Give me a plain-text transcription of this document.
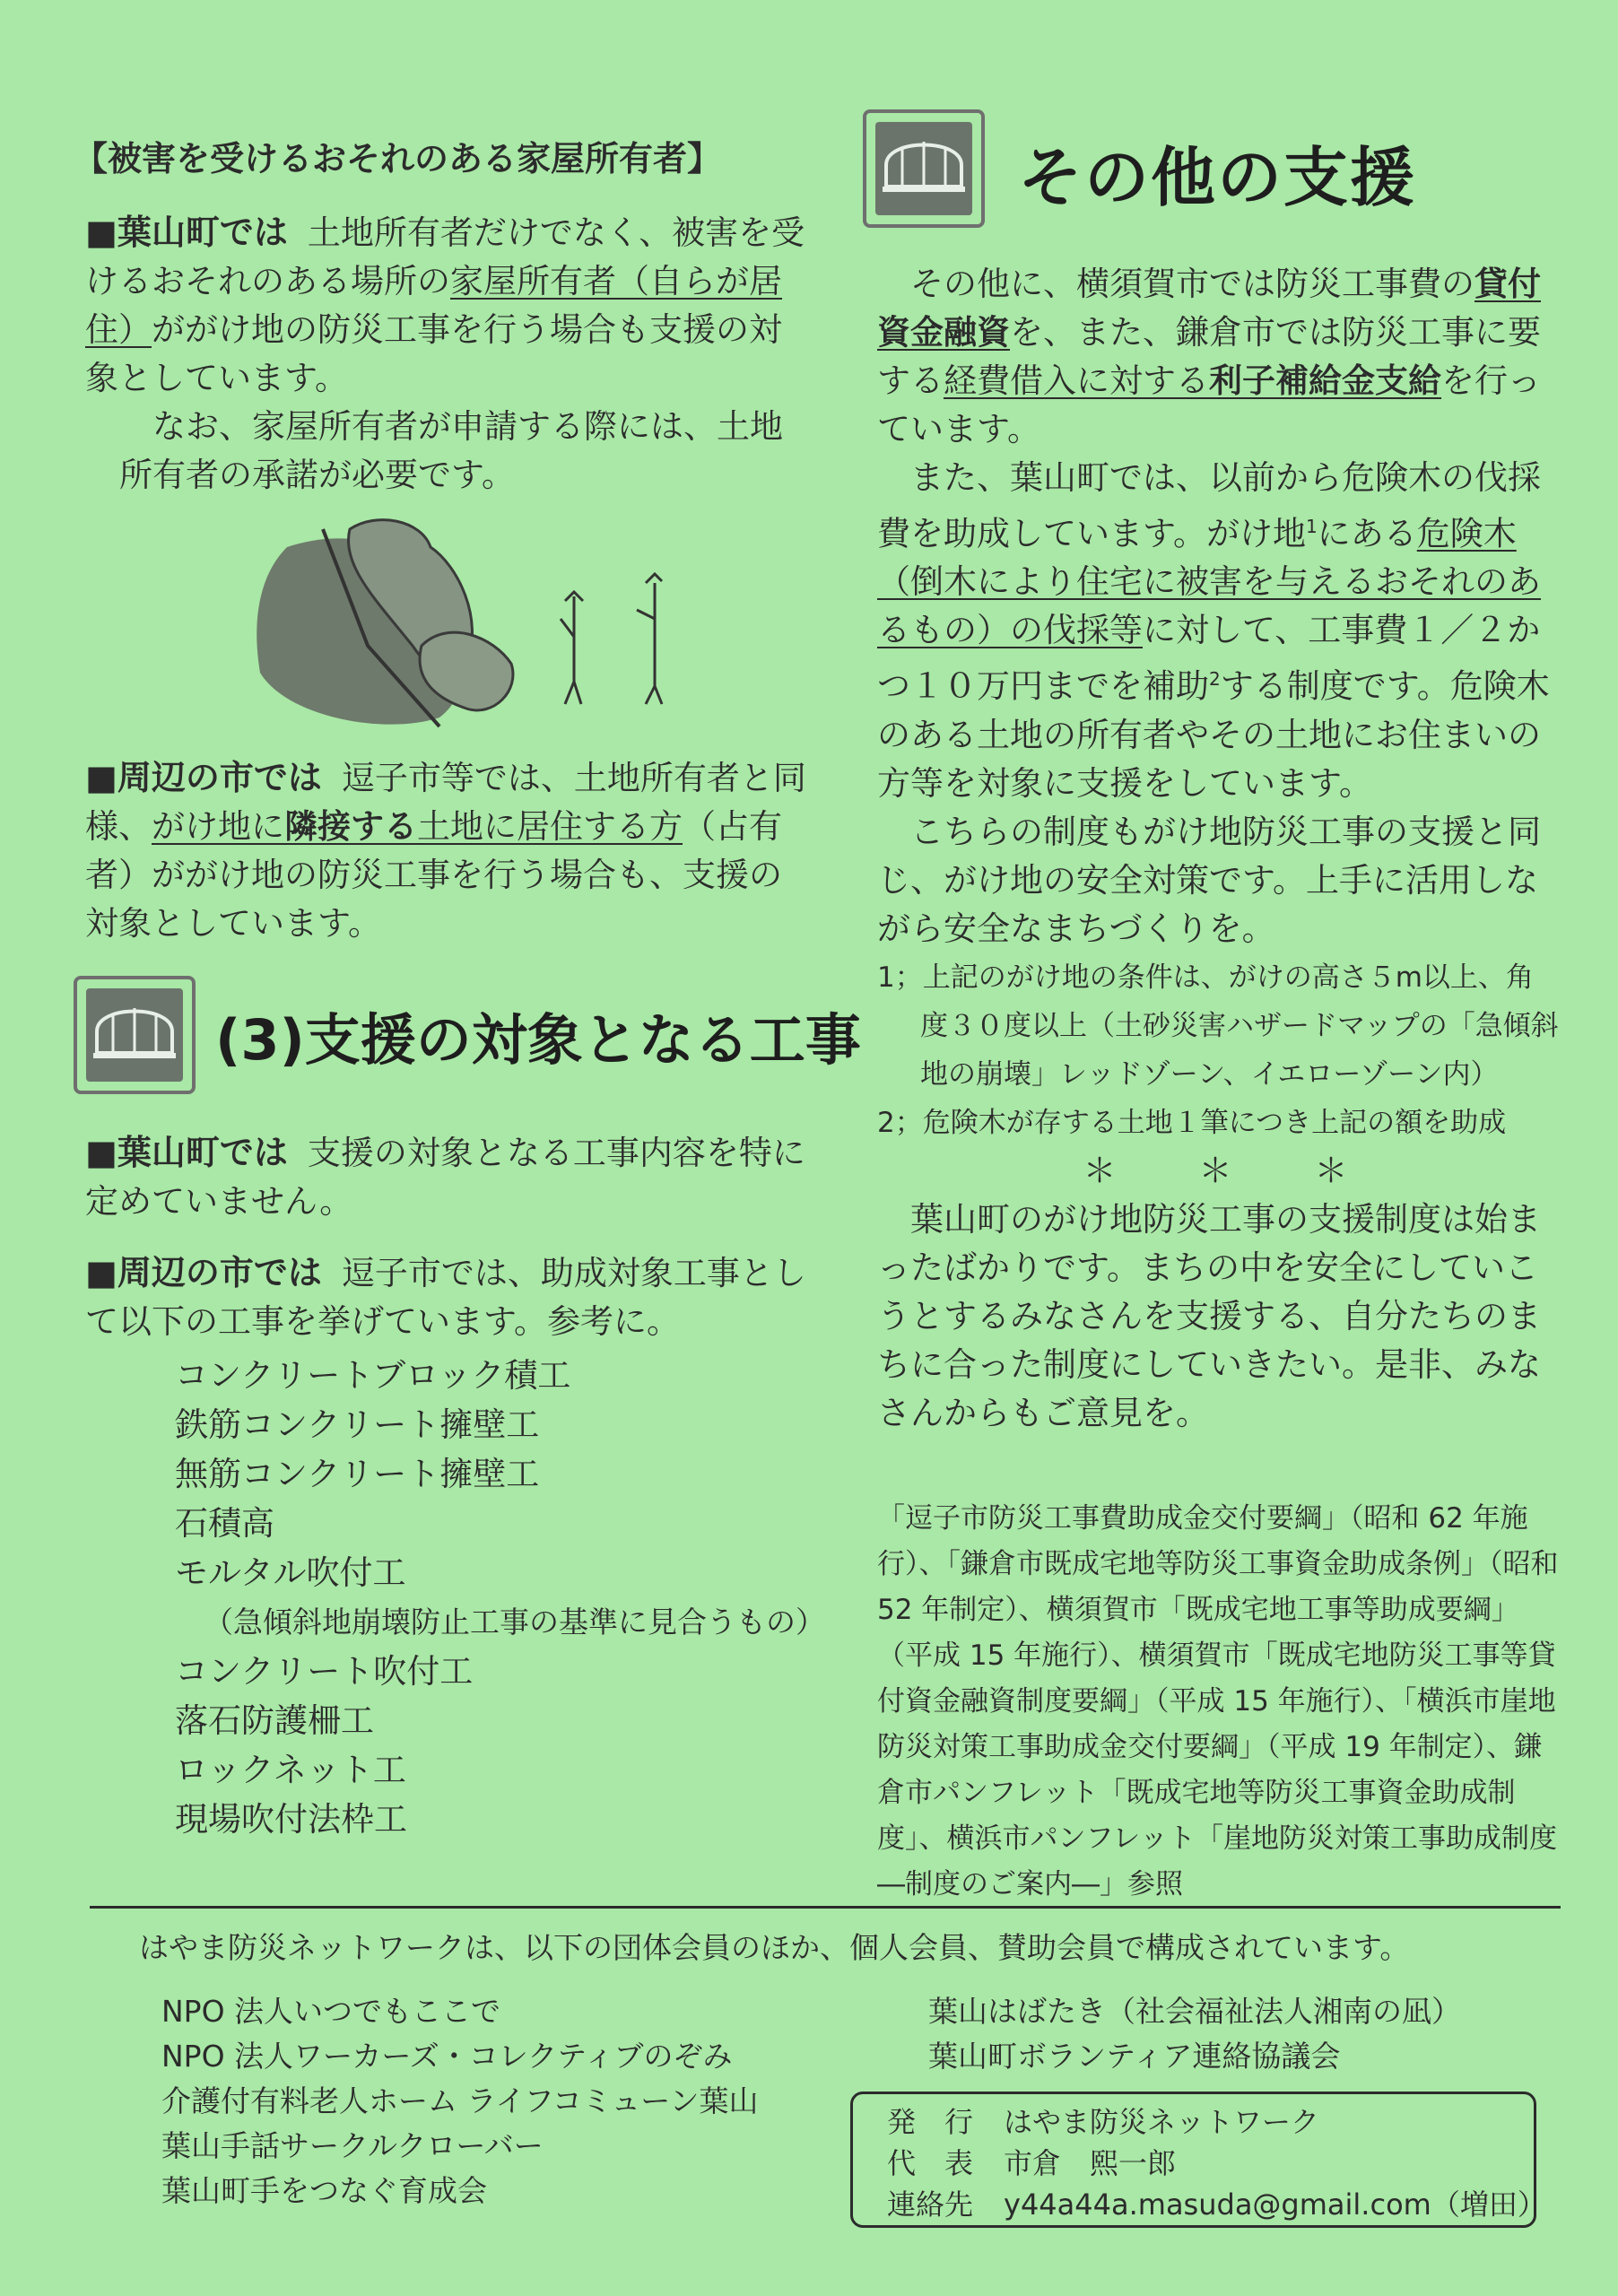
【被害を受けるおそれのある家屋所有者】

■葉山町では 土地所有者だけでなく、被害を受けるおそれのある場所の家屋所有者（自らが居住）ががけ地の防災工事を行う場合も支援の対象としています。

なお、家屋所有者が申請する際には、土地所有者の承諾が必要です。

■周辺の市では 逗子市等では、土地所有者と同様、がけ地に隣接する土地に居住する方（占有者）ががけ地の防災工事を行う場合も、支援の対象としています。

(3)支援の対象となる工事

■葉山町では 支援の対象となる工事内容を特に定めていません。

■周辺の市では 逗子市では、助成対象工事として以下の工事を挙げています。参考に。

コンクリートブロック積工
鉄筋コンクリート擁壁工
無筋コンクリート擁壁工
石積高
モルタル吹付工
（急傾斜地崩壊防止工事の基準に見合うもの）
コンクリート吹付工
落石防護柵工
ロックネット工
現場吹付法枠工
その他の支援

その他に、横須賀市では防災工事費の貸付資金融資を、また、鎌倉市では防災工事に要する経費借入に対する利子補給金支給を行っています。

また、葉山町では、以前から危険木の伐採費を助成しています。がけ地$^1$にある危険木（倒木により住宅に被害を与えるおそれのあるもの）の伐採等に対して、工事費１／２かつ１０万円までを補助$^2$する制度です。危険木のある土地の所有者やその土地にお住まいの方等を対象に支援をしています。

こちらの制度もがけ地防災工事の支援と同じ、がけ地の安全対策です。上手に活用しながら安全なまちづくりを。

1；上記のがけ地の条件は、がけの高さ５m以上、角度３０度以上（土砂災害ハザードマップの「急傾斜地の崩壊」レッドゾーン、イエローゾーン内）

2；危険木が存する土地１筆につき上記の額を助成

＊　　＊　　＊

葉山町のがけ地防災工事の支援制度は始まったばかりです。まちの中を安全にしていこうとするみなさんを支援する、自分たちのまちに合った制度にしていきたい。是非、みなさんからもご意見を。

「逗子市防災工事費助成金交付要綱」（昭和 62 年施行）、「鎌倉市既成宅地等防災工事資金助成条例」（昭和 52 年制定）、横須賀市「既成宅地工事等助成要綱」（平成 15 年施行）、横須賀市「既成宅地防災工事等貸付資金融資制度要綱」（平成 15 年施行）、「横浜市崖地防災対策工事助成金交付要綱」（平成 19 年制定）、鎌倉市パンフレット「既成宅地等防災工事資金助成制度」、横浜市パンフレット「崖地防災対策工事助成制度―制度のご案内―」参照
はやま防災ネットワークは、以下の団体会員のほか、個人会員、賛助会員で構成されています。
NPO 法人いつでもここで
NPO 法人ワーカーズ・コレクティブのぞみ
介護付有料老人ホーム ライフコミューン葉山
葉山手話サークルクローバー
葉山町手をつなぐ育成会
葉山はばたき（社会福祉法人湘南の凪）
葉山町ボランティア連絡協議会
発　行
代　表
連絡先
はやま防災ネットワーク
市倉　熙一郎
y44a44a.masuda@gmail.com（増田）
